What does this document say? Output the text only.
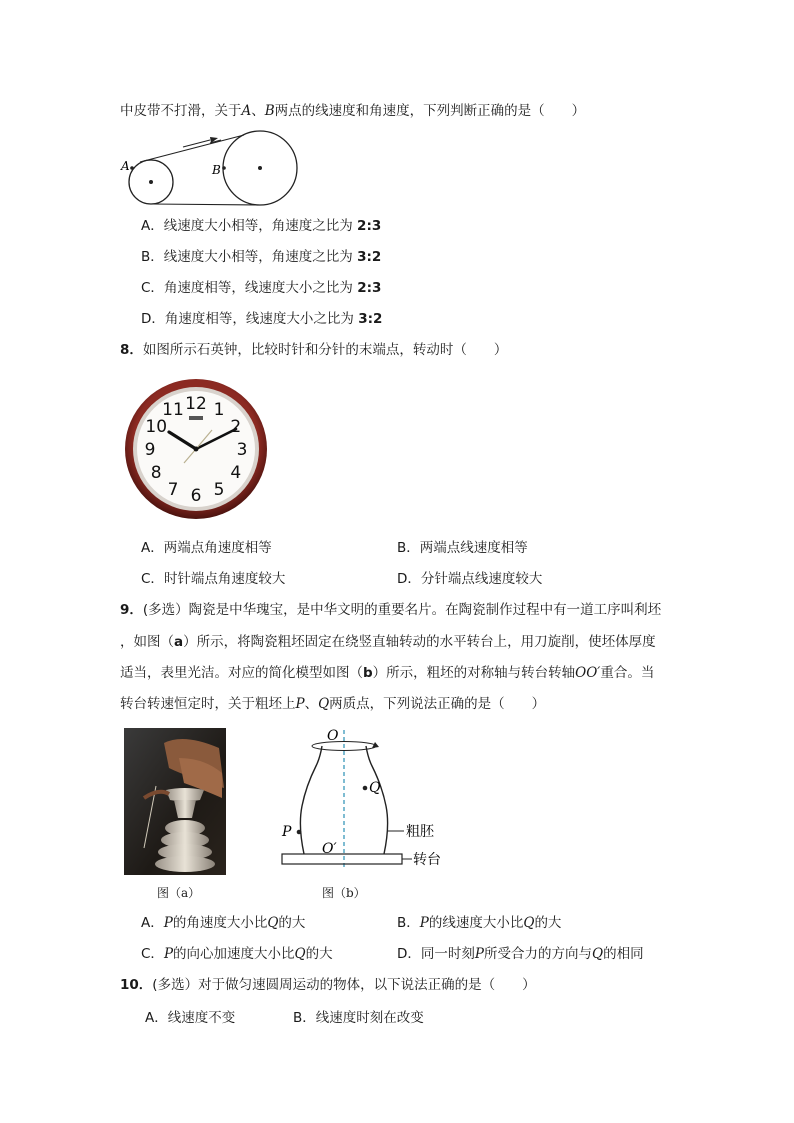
中皮带不打滑，关于A、B两点的线速度和角速度，下列判断正确的是（　　）
A	B
A．线速度大小相等，角速度之比为 2:3
B．线速度大小相等，角速度之比为 3:2
C．角速度相等，线速度大小之比为 2:3
D．角速度相等，线速度大小之比为 3:2
8．如图所示石英钟，比较时针和分针的末端点，转动时（　　）
12 1
2
3
4
5
6
7
8
9
10
11
A．两端点角速度相等	B．两端点线速度相等
C．时针端点角速度较大	D．分针端点线速度较大
9．(多选）陶瓷是中华瑰宝，是中华文明的重要名片。在陶瓷制作过程中有一道工序叫利坯
，如图（a）所示，将陶瓷粗坯固定在绕竖直轴转动的水平转台上，用刀旋削，使坯体厚度
适当，表里光洁。对应的简化模型如图（b）所示，粗坯的对称轴与转台转轴OO′重合。当
转台转速恒定时，关于粗坯上P、Q两质点，下列说法正确的是（　　）
图（a）
O
Q
P
O′
粗胚
转台
图（b）
A．P的角速度大小比Q的大	B．P的线速度大小比Q的大
C．P的向心加速度大小比Q的大	D．同一时刻P所受合力的方向与Q的相同
10．(多选）对于做匀速圆周运动的物体，以下说法正确的是（　　）
A．线速度不变	B．线速度时刻在改变
